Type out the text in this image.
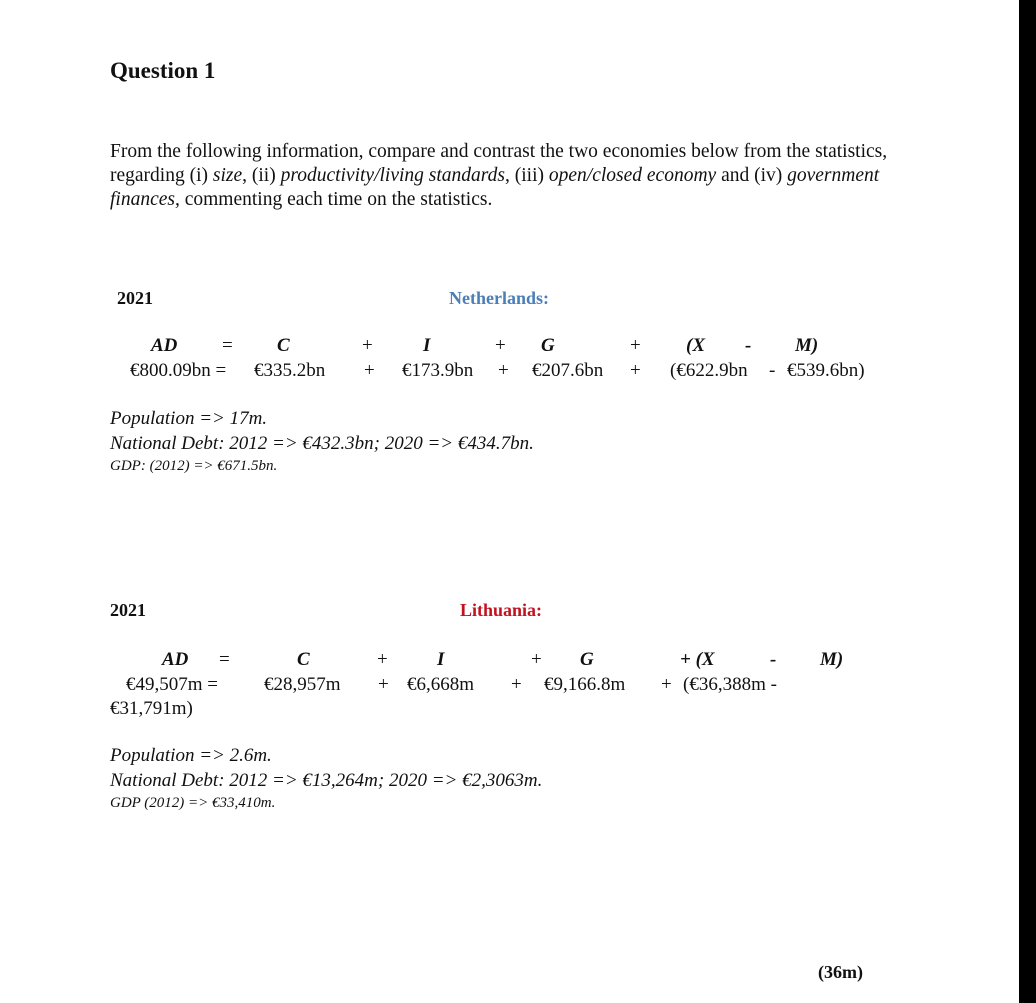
Question 1
From the following information, compare and contrast the two economies below from the statistics, regarding (i) size, (ii) productivity/living standards, (iii) open/closed economy and (iv) government finances, commenting each time on the statistics.
2021	Netherlands:
AD = C	+	I	+ G	+ (X - M)
€800.09bn = €335.2bn + €173.9bn + €207.6bn + (€622.9bn - €539.6bn)
Population => 17m.
National Debt: 2012 => €432.3bn; 2020 => €434.7bn.
GDP: (2012) => €671.5bn.
2021	Lithuania:
AD =	C	+	I	+ G	+ (X	- M)
€49,507m = €28,957m + €6,668m + €9,166.8m + (€36,388m -
€31,791m)
Population => 2.6m.
National Debt: 2012 => €13,264m; 2020 => €2,3063m.
GDP (2012) => €33,410m.
(36m)
